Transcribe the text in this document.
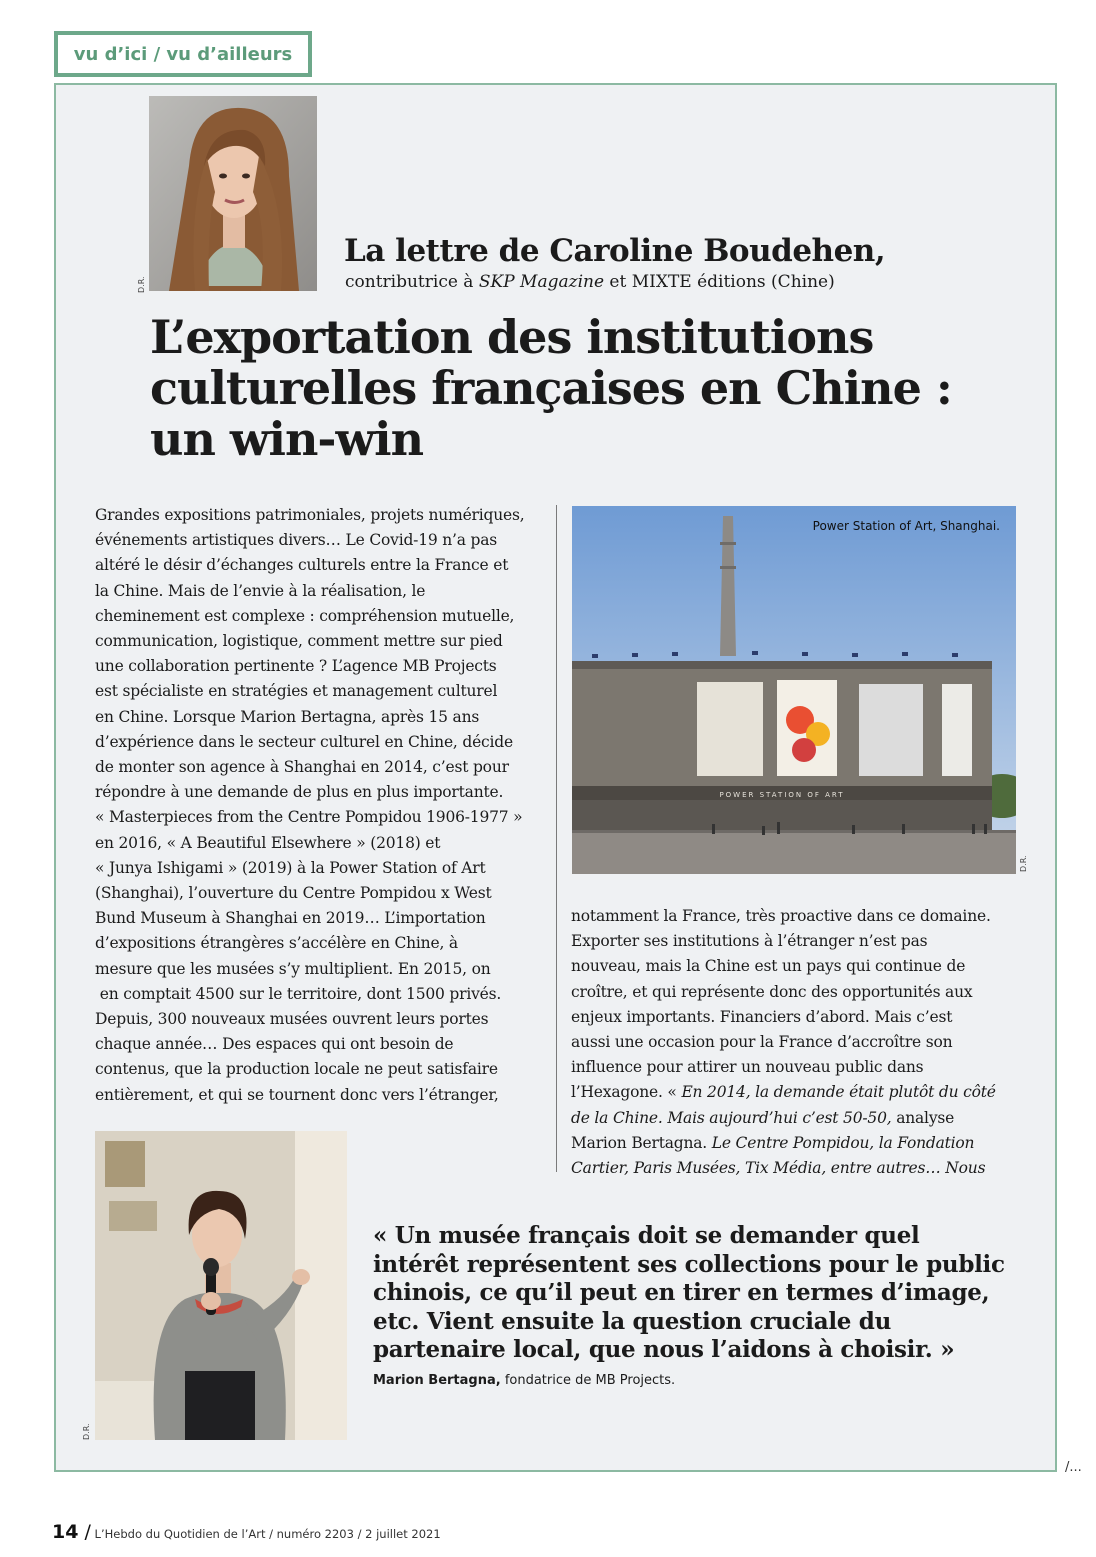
vu d’ici / vu d’ailleurs
D.R.
La lettre de Caroline Boudehen,
contributrice à SKP Magazine et MIXTE éditions (Chine)
L’exportation des institutions
culturelles françaises en Chine :
un win-win
Grandes expositions patrimoniales, projets numériques,
événements artistiques divers… Le Covid-19 n’a pas
altéré le désir d’échanges culturels entre la France et
la Chine. Mais de l’envie à la réalisation, le
cheminement est complexe : compréhension mutuelle,
communication, logistique, comment mettre sur pied
une collaboration pertinente ? L’agence MB Projects
est spécialiste en stratégies et management culturel
en Chine. Lorsque Marion Bertagna, après 15 ans
d’expérience dans le secteur culturel en Chine, décide
de monter son agence à Shanghai en 2014, c’est pour
répondre à une demande de plus en plus importante.
« Masterpieces from the Centre Pompidou 1906-1977 »
en 2016, « A Beautiful Elsewhere » (2018) et
« Junya Ishigami » (2019) à la Power Station of Art
(Shanghai), l’ouverture du Centre Pompidou x West
Bund Museum à Shanghai en 2019… L’importation
d’expositions étrangères s’accélère en Chine, à
mesure que les musées s’y multiplient. En 2015, on
en comptait 4500 sur le territoire, dont 1500 privés.
Depuis, 300 nouveaux musées ouvrent leurs portes
chaque année… Des espaces qui ont besoin de
contenus, que la production locale ne peut satisfaire
entièrement, et qui se tournent donc vers l’étranger,
POWER STATION OF ART
Power Station of Art, Shanghai.
D.R.
notamment la France, très proactive dans ce domaine.
Exporter ses institutions à l’étranger n’est pas
nouveau, mais la Chine est un pays qui continue de
croître, et qui représente donc des opportunités aux
enjeux importants. Financiers d’abord. Mais c’est
aussi une occasion pour la France d’accroître son
influence pour attirer un nouveau public dans
l’Hexagone. « En 2014, la demande était plutôt du côté
de la Chine. Mais aujourd’hui c’est 50-50, analyse
Marion Bertagna. Le Centre Pompidou, la Fondation
Cartier, Paris Musées, Tix Média, entre autres… Nous
D.R.
« Un musée français doit se demander quel
intérêt représentent ses collections pour le public
chinois, ce qu’il peut en tirer en termes d’image,
etc. Vient ensuite la question cruciale du
partenaire local, que nous l’aidons à choisir. »
Marion Bertagna, fondatrice de MB Projects.
/...
14 / L’Hebdo du Quotidien de l’Art / numéro 2203 / 2 juillet 2021
